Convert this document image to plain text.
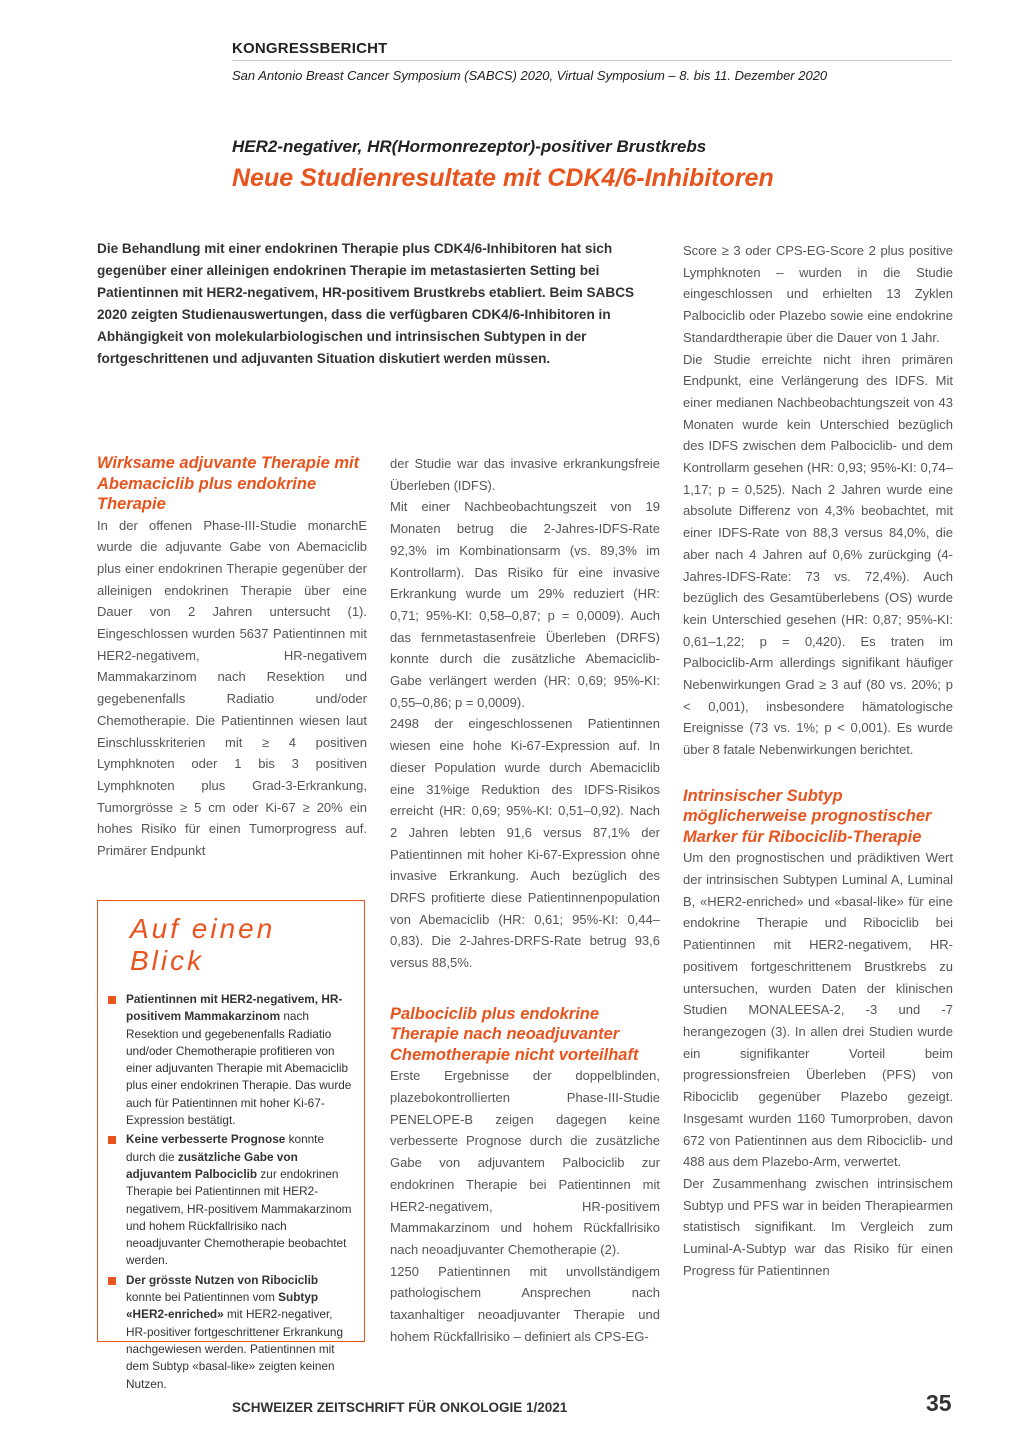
KONGRESSBERICHT
San Antonio Breast Cancer Symposium (SABCS) 2020, Virtual Symposium – 8. bis 11. Dezember 2020
HER2-negativer, HR(Hormonrezeptor)-positiver Brustkrebs
Neue Studienresultate mit CDK4/6-Inhibitoren
Die Behandlung mit einer endokrinen Therapie plus CDK4/6-Inhibitoren hat sich gegenüber einer alleinigen endokrinen Therapie im metastasierten Setting bei Patientinnen mit HER2-negativem, HR-positivem Brustkrebs etabliert. Beim SABCS 2020 zeigten Studienauswertungen, dass die verfügbaren CDK4/6-Inhibitoren in Abhängigkeit von molekularbiologischen und intrinsischen Subtypen in der fortgeschrittenen und adjuvanten Situation diskutiert werden müssen.
Wirksame adjuvante Therapie mit Abemaciclib plus endokrine Therapie

In der offenen Phase-III-Studie monarchE wurde die adjuvante Gabe von Abemaciclib plus einer endokrinen Therapie gegenüber der alleinigen endokrinen Therapie über eine Dauer von 2 Jahren untersucht (1). Eingeschlossen wurden 5637 Patientinnen mit HER2-negativem, HR-negativem Mammakarzinom nach Resektion und gegebenenfalls Radiatio und/oder Chemotherapie. Die Patientinnen wiesen laut Einschlusskriterien mit ≥ 4 positiven Lymphknoten oder 1 bis 3 positiven Lymphknoten plus Grad-3-Erkrankung, Tumorgrösse ≥ 5 cm oder Ki-67 ≥ 20% ein hohes Risiko für einen Tumorprogress auf. Primärer Endpunkt

Auf einen Blick
Patientinnen mit HER2-negativem, HR-positivem Mammakarzinom nach Resektion und gegebenenfalls Radiatio und/oder Chemotherapie profitieren von einer adjuvanten Therapie mit Abemaciclib plus einer endokrinen Therapie. Das wurde auch für Patientinnen mit hoher Ki-67-Expression bestätigt.
Keine verbesserte Prognose konnte durch die zusätzliche Gabe von adjuvantem Palbociclib zur endokrinen Therapie bei Patientinnen mit HER2-negativem, HR-positivem Mammakarzinom und hohem Rückfallrisiko nach neoadjuvanter Chemotherapie beobachtet werden.
Der grösste Nutzen von Ribociclib konnte bei Patientinnen vom Subtyp «HER2-enriched» mit HER2-negativer, HR-positiver fortgeschrittener Erkrankung nachgewiesen werden. Patientinnen mit dem Subtyp «basal-like» zeigten keinen Nutzen.

der Studie war das invasive erkrankungsfreie Überleben (IDFS).

Mit einer Nachbeobachtungszeit von 19 Monaten betrug die 2-Jahres-IDFS-Rate 92,3% im Kombinationsarm (vs. 89,3% im Kontrollarm). Das Risiko für eine invasive Erkrankung wurde um 29% reduziert (HR: 0,71; 95%-KI: 0,58–0,87; p = 0,0009). Auch das fernmetastasenfreie Überleben (DRFS) konnte durch die zusätzliche Abemaciclib-Gabe verlängert werden (HR: 0,69; 95%-KI: 0,55–0,86; p = 0,0009).

2498 der eingeschlossenen Patientinnen wiesen eine hohe Ki-67-Expression auf. In dieser Population wurde durch Abemaciclib eine 31%ige Reduktion des IDFS-Risikos erreicht (HR: 0,69; 95%-KI: 0,51–0,92). Nach 2 Jahren lebten 91,6 versus 87,1% der Patientinnen mit hoher Ki-67-Expression ohne invasive Erkrankung. Auch bezüglich des DRFS profitierte diese Patientinnenpopulation von Abemaciclib (HR: 0,61; 95%-KI: 0,44–0,83). Die 2-Jahres-DRFS-Rate betrug 93,6 versus 88,5%.

Palbociclib plus endokrine Therapie nach neoadjuvanter Chemotherapie nicht vorteilhaft

Erste Ergebnisse der doppelblinden, plazebokontrollierten Phase-III-Studie PENELOPE-B zeigen dagegen keine verbesserte Prognose durch die zusätzliche Gabe von adjuvantem Palbociclib zur endokrinen Therapie bei Patientinnen mit HER2-negativem, HR-positivem Mammakarzinom und hohem Rückfallrisiko nach neoadjuvanter Chemotherapie (2).

1250 Patientinnen mit unvollständigem pathologischem Ansprechen nach taxanhaltiger neoadjuvanter Therapie und hohem Rückfallrisiko – definiert als CPS-EG-

Score ≥ 3 oder CPS-EG-Score 2 plus positive Lymphknoten – wurden in die Studie eingeschlossen und erhielten 13 Zyklen Palbociclib oder Plazebo sowie eine endokrine Standardtherapie über die Dauer von 1 Jahr.

Die Studie erreichte nicht ihren primären Endpunkt, eine Verlängerung des IDFS. Mit einer medianen Nachbeobachtungszeit von 43 Monaten wurde kein Unterschied bezüglich des IDFS zwischen dem Palbociclib- und dem Kontrollarm gesehen (HR: 0,93; 95%-KI: 0,74–1,17; p = 0,525). Nach 2 Jahren wurde eine absolute Differenz von 4,3% beobachtet, mit einer IDFS-Rate von 88,3 versus 84,0%, die aber nach 4 Jahren auf 0,6% zurückging (4-Jahres-IDFS-Rate: 73 vs. 72,4%). Auch bezüglich des Gesamtüberlebens (OS) wurde kein Unterschied gesehen (HR: 0,87; 95%-KI: 0,61–1,22; p = 0,420). Es traten im Palbociclib-Arm allerdings signifikant häufiger Nebenwirkungen Grad ≥ 3 auf (80 vs. 20%; p < 0,001), insbesondere hämatologische Ereignisse (73 vs. 1%; p < 0,001). Es wurde über 8 fatale Nebenwirkungen berichtet.

Intrinsischer Subtyp möglicherweise prognostischer Marker für Ribociclib-Therapie

Um den prognostischen und prädiktiven Wert der intrinsischen Subtypen Luminal A, Luminal B, «HER2-enriched» und «basal-like» für eine endokrine Therapie und Ribociclib bei Patientinnen mit HER2-negativem, HR-positivem fortgeschrittenem Brustkrebs zu untersuchen, wurden Daten der klinischen Studien MONALEESA-2, -3 und -7 herangezogen (3). In allen drei Studien wurde ein signifikanter Vorteil beim progressionsfreien Überleben (PFS) von Ribociclib gegenüber Plazebo gezeigt. Insgesamt wurden 1160 Tumorproben, davon 672 von Patientinnen aus dem Ribociclib- und 488 aus dem Plazebo-Arm, verwertet.

Der Zusammenhang zwischen intrinsischem Subtyp und PFS war in beiden Therapiearmen statistisch signifikant. Im Vergleich zum Luminal-A-Subtyp war das Risiko für einen Progress für Patientinnen

SCHWEIZER ZEITSCHRIFT FÜR ONKOLOGIE 1/2021	35
